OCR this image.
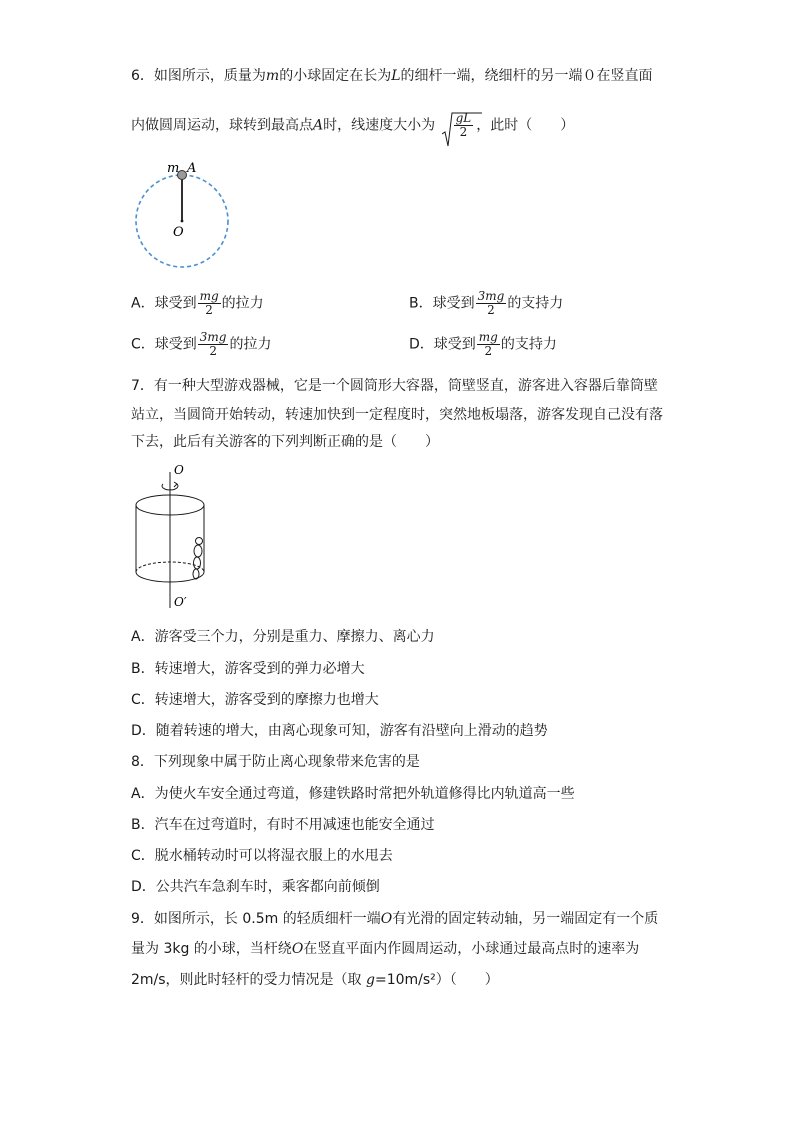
6．如图所示，质量为m的小球固定在长为L的细杆一端，绕细杆的另一端０在竖直面
内做圆周运动，球转到最高点A时，线速度大小为 $\frac{gL}{2}$ ，此时（　　）
m A
O
A．球受到 $\frac{mg}{2}$ 的拉力	B．球受到 $\frac{3mg}{2}$ 的支持力
C．球受到 $\frac{3mg}{2}$ 的拉力	D．球受到 $\frac{mg}{2}$ 的支持力
7．有一种大型游戏器械，它是一个圆筒形大容器，筒壁竖直，游客进入容器后靠筒壁
站立，当圆筒开始转动，转速加快到一定程度时，突然地板塌落，游客发现自己没有落
下去，此后有关游客的下列判断正确的是（　　）
O
O′
A．游客受三个力，分别是重力、摩擦力、离心力
B．转速增大，游客受到的弹力必增大
C．转速增大，游客受到的摩擦力也增大
D．随着转速的增大，由离心现象可知，游客有沿壁向上滑动的趋势
8．下列现象中属于防止离心现象带来危害的是
A．为使火车安全通过弯道，修建铁路时常把外轨道修得比内轨道高一些
B．汽车在过弯道时，有时不用减速也能安全通过
C．脱水桶转动时可以将湿衣服上的水甩去
D．公共汽车急刹车时，乘客都向前倾倒
9．如图所示，长 0.5m 的轻质细杆一端O有光滑的固定转动轴，另一端固定有一个质
量为 3kg 的小球，当杆绕O在竖直平面内作圆周运动，小球通过最高点时的速率为
2m/s，则此时轻杆的受力情况是（取 g=10m/s²）（　　）
